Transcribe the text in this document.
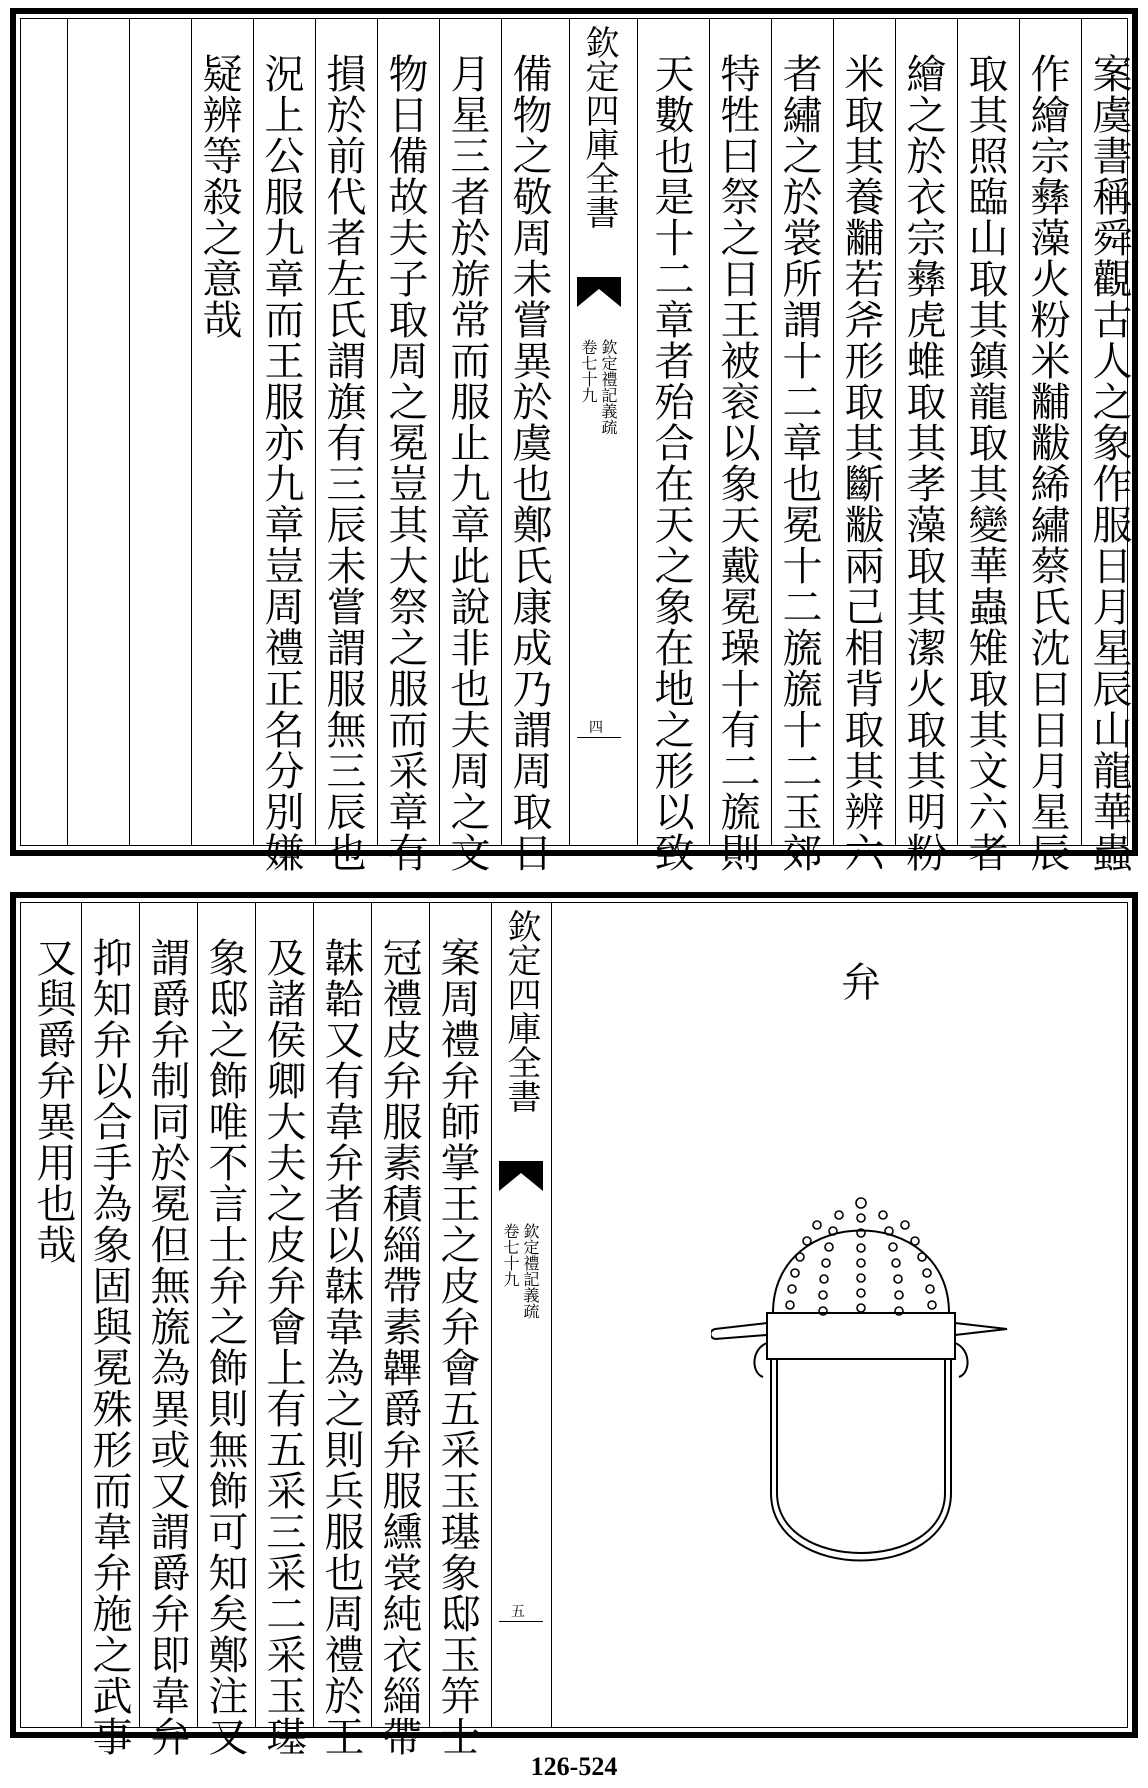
案虞書稱舜觀古人之象作服日月星辰山龍華蟲
作繪宗彝藻火粉米黼黻絺繡蔡氏沈曰日月星辰
取其照臨山取其鎮龍取其變華蟲雉取其文六者
繪之於衣宗彝虎蜼取其孝藻取其潔火取其明粉
米取其養黼若斧形取其斷黻兩己相背取其辨六
者繡之於裳所謂十二章也冕十二旒旒十二玉郊
特牲曰祭之日王被衮以象天戴冕璪十有二旒則
天數也是十二章者殆合在天之象在地之形以致
欽定四庫全書
欽定禮記義疏
卷七十九
四
備物之敬周未嘗異於虞也鄭氏康成乃謂周取日
月星三者於旂常而服止九章此說非也夫周之文
物日備故夫子取周之冕豈其大祭之服而采章有
損於前代者左氏謂旗有三辰未嘗謂服無三辰也
況上公服九章而王服亦九章豈周禮正名分別嫌
疑辨等殺之意哉
弁
欽定四庫全書
欽定禮記義疏
卷七十九
五
案周禮弁師掌王之皮弁會五采玉璂象邸玉笄士
冠禮皮弁服素積緇帶素韠爵弁服纁裳純衣緇帶
韎韐又有韋弁者以韎韋為之則兵服也周禮於王
及諸侯卿大夫之皮弁會上有五采三采二采玉璂
象邸之飾唯不言士弁之飾則無飾可知矣鄭注又
謂爵弁制同於冕但無旒為異或又謂爵弁即韋弁
抑知弁以合手為象固與冕殊形而韋弁施之武事
又與爵弁異用也哉
126-524
